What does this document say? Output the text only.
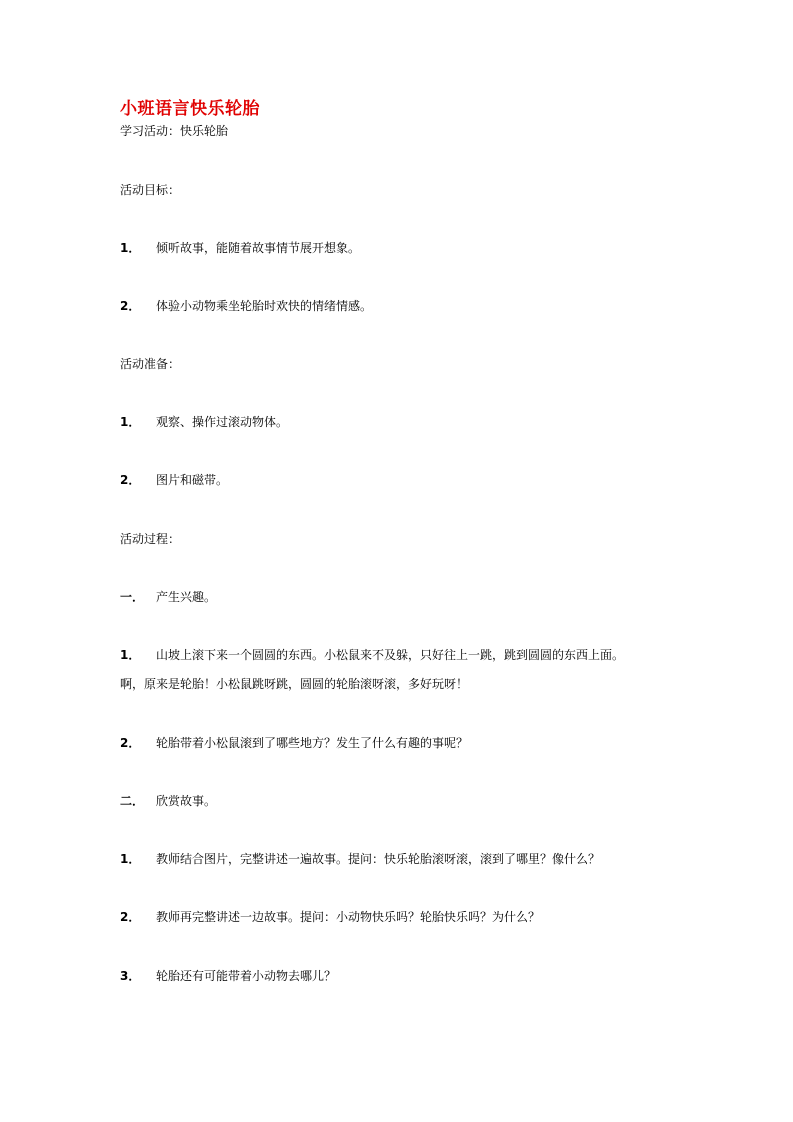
小班语言快乐轮胎
学习活动：快乐轮胎
活动目标：
1． 倾听故事，能随着故事情节展开想象。
2． 体验小动物乘坐轮胎时欢快的情绪情感。
活动准备：
1． 观察、操作过滚动物体。
2． 图片和磁带。
活动过程：
一． 产生兴趣。
1． 山坡上滚下来一个圆圆的东西。小松鼠来不及躲，只好往上一跳，跳到圆圆的东西上面。
啊，原来是轮胎！小松鼠跳呀跳，圆圆的轮胎滚呀滚，多好玩呀！
2． 轮胎带着小松鼠滚到了哪些地方？发生了什么有趣的事呢？
二． 欣赏故事。
1． 教师结合图片，完整讲述一遍故事。提问：快乐轮胎滚呀滚，滚到了哪里？像什么？
2． 教师再完整讲述一边故事。提问：小动物快乐吗？轮胎快乐吗？为什么？
3． 轮胎还有可能带着小动物去哪儿？
